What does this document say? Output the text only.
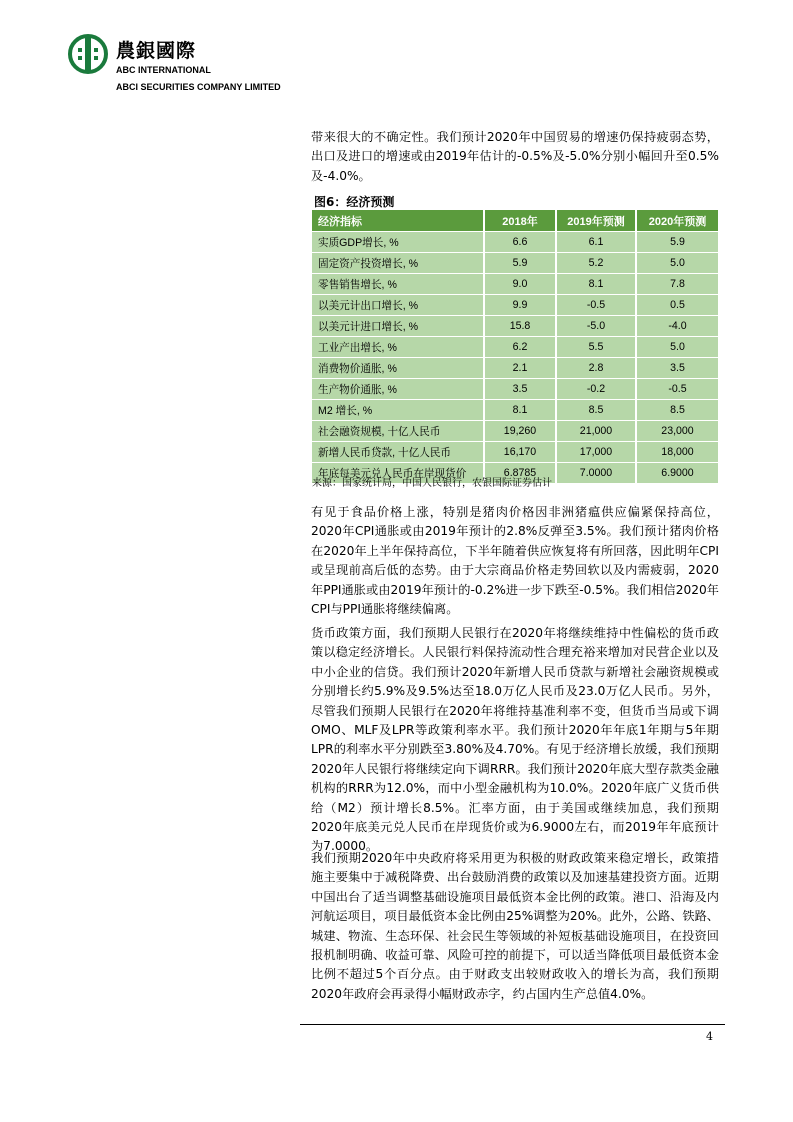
農銀國際
ABC INTERNATIONAL
ABCI SECURITIES COMPANY LIMITED

带来很大的不确定性。我们预计2020年中国贸易的增速仍保持疲弱态势，出口及进口的增速或由2019年估计的-0.5%及-5.0%分别小幅回升至0.5%及-4.0%。

图6：经济预测
经济指标	2018年	2019年预测	2020年预测
实质GDP增长, %	6.6	6.1	5.9
固定资产投资增长, %	5.9	5.2	5.0
零售销售增长, %	9.0	8.1	7.8
以美元计出口增长, %	9.9	-0.5	0.5
以美元计进口增长, %	15.8	-5.0	-4.0
工业产出增长, %	6.2	5.5	5.0
消费物价通胀, %	2.1	2.8	3.5
生产物价通胀, %	3.5	-0.2	-0.5
M2 增长, %	8.1	8.5	8.5
社会融资规模, 十亿人民币	19,260	21,000	23,000
新增人民币贷款, 十亿人民币	16,170	17,000	18,000
年底每美元兑人民币在岸现货价	6.8785	7.0000	6.9000
来源：国家统计局，中国人民银行，农银国际证券估计

有见于食品价格上涨，特别是猪肉价格因非洲猪瘟供应偏紧保持高位，2020年CPI通胀或由2019年预计的2.8%反弹至3.5%。我们预计猪肉价格在2020年上半年保持高位，下半年随着供应恢复将有所回落，因此明年CPI或呈现前高后低的态势。由于大宗商品价格走势回软以及内需疲弱，2020年PPI通胀或由2019年预计的-0.2%进一步下跌至-0.5%。我们相信2020年CPI与PPI通胀将继续偏离。

货币政策方面，我们预期人民银行在2020年将继续维持中性偏松的货币政策以稳定经济增长。人民银行料保持流动性合理充裕来增加对民营企业以及中小企业的信贷。我们预计2020年新增人民币贷款与新增社会融资规模或分别增长约5.9%及9.5%达至18.0万亿人民币及23.0万亿人民币。另外，尽管我们预期人民银行在2020年将维持基准利率不变，但货币当局或下调OMO、MLF及LPR等政策利率水平。我们预计2020年年底1年期与5年期LPR的利率水平分别跌至3.80%及4.70%。有见于经济增长放缓，我们预期2020年人民银行将继续定向下调RRR。我们预计2020年底大型存款类金融机构的RRR为12.0%，而中小型金融机构为10.0%。2020年底广义货币供给（M2）预计增长8.5%。汇率方面，由于美国或继续加息，我们预期2020年底美元兑人民币在岸现货价或为6.9000左右，而2019年年底预计为7.0000。

我们预期2020年中央政府将采用更为积极的财政政策来稳定增长，政策措施主要集中于减税降费、出台鼓励消费的政策以及加速基建投资方面。近期中国出台了适当调整基础设施项目最低资本金比例的政策。港口、沿海及内河航运项目，项目最低资本金比例由25%调整为20%。此外，公路、铁路、城建、物流、生态环保、社会民生等领域的补短板基础设施项目，在投资回报机制明确、收益可靠、风险可控的前提下，可以适当降低项目最低资本金比例不超过5个百分点。由于财政支出较财政收入的增长为高，我们预期2020年政府会再录得小幅财政赤字，约占国内生产总值4.0%。

4
